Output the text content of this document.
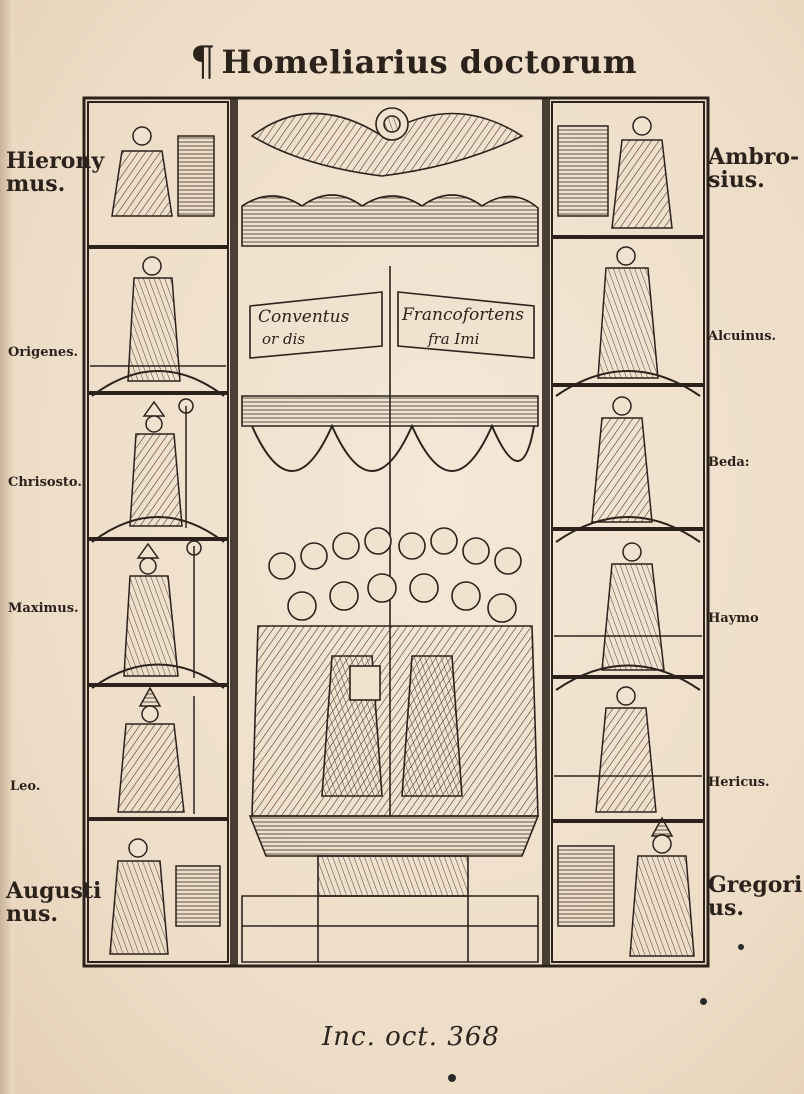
¶ Homeliarius doctorum
Conventus
or dis
Francofortens
fra Imi
Hierony
mus.
Origenes.
Chrisosto.
Maximus.
Leo.
Augusti
nus.
Ambro-
sius.
Alcuinus.
Beda:
Haymo
Hericus.
Gregori
us.
Inc. oct. 368
